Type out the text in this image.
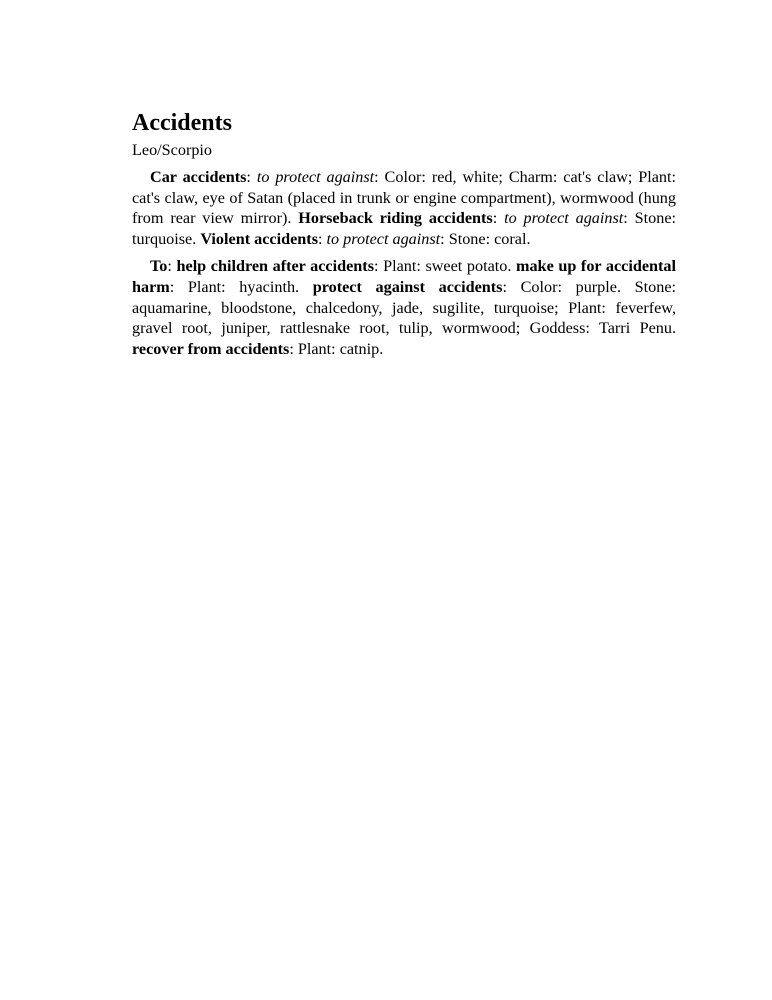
Accidents
Leo/Scorpio

Car accidents: to protect against: Color: red, white; Charm: cat's claw; Plant: cat's claw, eye of Satan (placed in trunk or engine compartment), wormwood (hung from rear view mirror). Horseback riding accidents: to protect against: Stone: turquoise. Violent accidents: to protect against: Stone: coral.

To: help children after accidents: Plant: sweet potato. make up for accidental harm: Plant: hyacinth. protect against accidents: Color: purple. Stone: aquamarine, bloodstone, chalcedony, jade, sugilite, turquoise; Plant: feverfew, gravel root, juniper, rattlesnake root, tulip, wormwood; Goddess: Tarri Penu. recover from accidents: Plant: catnip.
